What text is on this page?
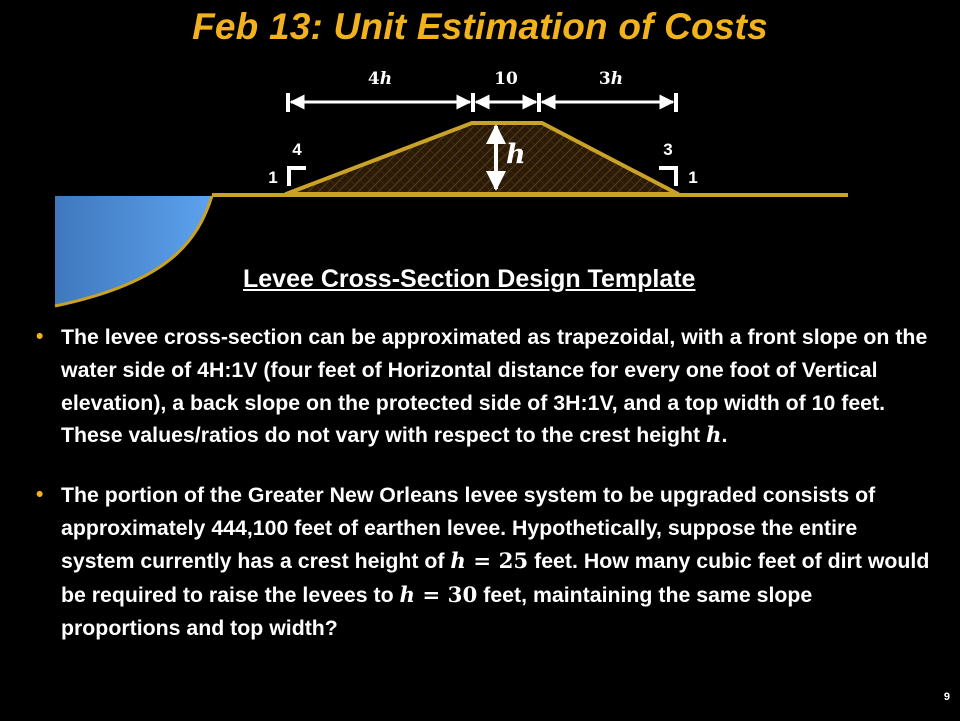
Feb 13: Unit Estimation of Costs
4h	10	3h
h
4
1
3
1
Levee Cross-Section Design Template
• The levee cross-section can be approximated as trapezoidal, with a front slope on the water side of 4H:1V (four feet of Horizontal distance for every one foot of Vertical elevation), a back slope on the protected side of 3H:1V, and a top width of 10 feet. These values/ratios do not vary with respect to the crest height h.
• The portion of the Greater New Orleans levee system to be upgraded consists of approximately 444,100 feet of earthen levee. Hypothetically, suppose the entire system currently has a crest height of h = 25 feet. How many cubic feet of dirt would be required to raise the levees to h = 30 feet, maintaining the same slope proportions and top width?
9
